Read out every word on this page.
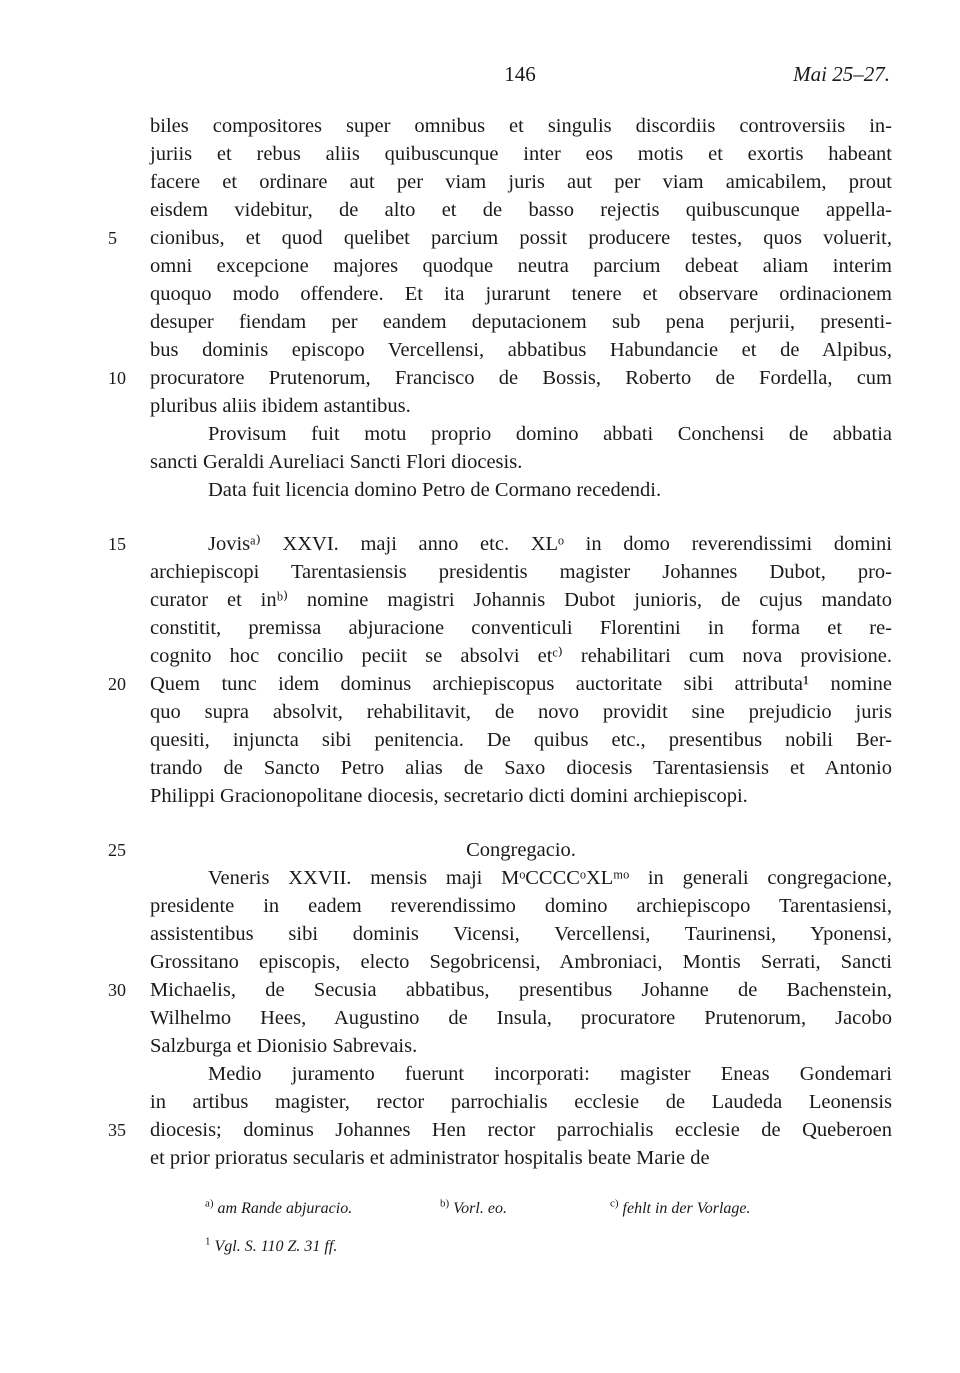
146	Mai 25–27.
biles compositores super omnibus et singulis discordiis controversiis in-
juriis et rebus aliis quibuscunque inter eos motis et exortis habeant
facere et ordinare aut per viam juris aut per viam amicabilem, prout
eisdem videbitur, de alto et de basso rejectis quibuscunque appella-
5	cionibus, et quod quelibet parcium possit producere testes, quos voluerit,
omni excepcione majores quodque neutra parcium debeat aliam interim
quoquo modo offendere. Et ita jurarunt tenere et observare ordinacionem
desuper fiendam per eandem deputacionem sub pena perjurii, presenti-
bus dominis episcopo Vercellensi, abbatibus Habundancie et de Alpibus,
10	procuratore Prutenorum, Francisco de Bossis, Roberto de Fordella, cum
pluribus aliis ibidem astantibus.
Provisum fuit motu proprio domino abbati Conchensi de abbatia
sancti Geraldi Aureliaci Sancti Flori diocesis.
Data fuit licencia domino Petro de Cormano recedendi.
15	Jovisᵃ⁾ XXVI. maji anno etc. XLᵒ in domo reverendissimi domini
archiepiscopi Tarentasiensis presidentis magister Johannes Dubot, pro-
curator et inᵇ⁾ nomine magistri Johannis Dubot junioris, de cujus mandato
constitit, premissa abjuracione conventiculi Florentini in forma et re-
cognito hoc concilio peciit se absolvi etᶜ⁾ rehabilitari cum nova provisione.
20	Quem tunc idem dominus archiepiscopus auctoritate sibi attributa¹ nomine
quo supra absolvit, rehabilitavit, de novo providit sine prejudicio juris
quesiti, injuncta sibi penitencia. De quibus etc., presentibus nobili Ber-
trando de Sancto Petro alias de Saxo diocesis Tarentasiensis et Antonio
Philippi Gracionopolitane diocesis, secretario dicti domini archiepiscopi.
25	Congregacio.
Veneris XXVII. mensis maji MᵒCCCCᵒXLᵐᵒ in generali congregacione,
presidente in eadem reverendissimo domino archiepiscopo Tarentasiensi,
assistentibus sibi dominis Vicensi, Vercellensi, Taurinensi, Yponensi,
Grossitano episcopis, electo Segobricensi, Ambroniaci, Montis Serrati, Sancti
30	Michaelis, de Secusia abbatibus, presentibus Johanne de Bachenstein,
Wilhelmo Hees, Augustino de Insula, procuratore Prutenorum, Jacobo
Salzburga et Dionisio Sabrevais.
Medio juramento fuerunt incorporati: magister Eneas Gondemari
in artibus magister, rector parrochialis ecclesie de Laudeda Leonensis
35	diocesis; dominus Johannes Hen rector parrochialis ecclesie de Queberoen
et prior prioratus secularis et administrator hospitalis beate Marie de
$^{a)}$ am Rande abjuracio.	$^{b)}$ Vorl. eo.	$^{c)}$ fehlt in der Vorlage.
$^1$ Vgl. S. 110 Z. 31 ff.
